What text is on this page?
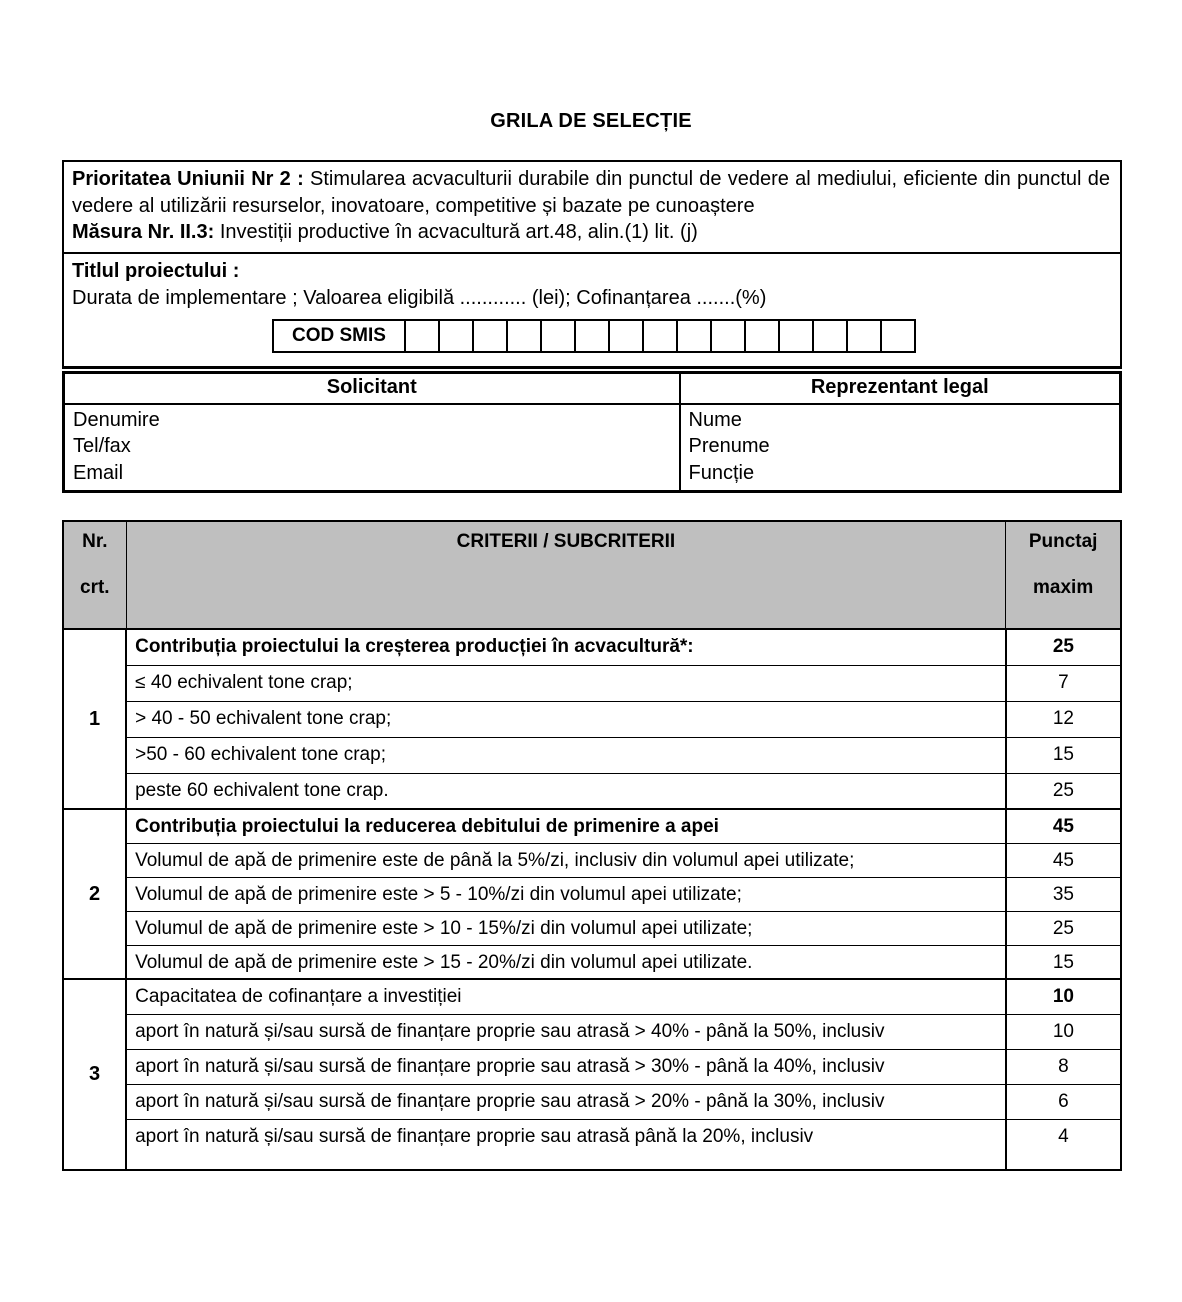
GRILA DE SELECȚIE

Prioritatea Uniunii Nr 2 : Stimularea acvaculturii durabile din punctul de vedere al mediului, eficiente din punctul de vedere al utilizării resurselor, inovatoare, competitive și bazate pe cunoaștere

Măsura Nr. II.3: Investiții productive în acvacultură art.48, alin.(1) lit. (j)

Titlul proiectului :

Durata de implementare ; Valoarea eligibilă ............ (lei); Cofinanțarea .......(%)

COD SMIS															
Solicitant	Reprezentant legal

Denumire
Tel/fax
Email

Nume
Prenume
Funcție
Nr.
crt.
	CRITERII / SUBCRITERII	Punctaj
maxim

1	Contribuția proiectului la creșterea producției în acvacultură*:	25
	≤ 40 echivalent tone crap;	7
	> 40 - 50 echivalent tone crap;	12
	>50 - 60 echivalent tone crap;	15
	peste 60 echivalent tone crap.	25
2	Contribuția proiectului la reducerea debitului de primenire a apei	45
	Volumul de apă de primenire este de până la 5%/zi, inclusiv din volumul apei utilizate;	45
	Volumul de apă de primenire este > 5 - 10%/zi din volumul apei utilizate;	35
	Volumul de apă de primenire este > 10 - 15%/zi din volumul apei utilizate;	25
	Volumul de apă de primenire este > 15 - 20%/zi din volumul apei utilizate.	15
3	Capacitatea de cofinanțare a investiției	10
	aport în natură și/sau sursă de finanțare proprie sau atrasă > 40% - până la 50%, inclusiv	10
	aport în natură și/sau sursă de finanțare proprie sau atrasă > 30% - până la 40%, inclusiv	8
	aport în natură și/sau sursă de finanțare proprie sau atrasă > 20% - până la 30%, inclusiv	6
	aport în natură și/sau sursă de finanțare proprie sau atrasă până la 20%, inclusiv	4
